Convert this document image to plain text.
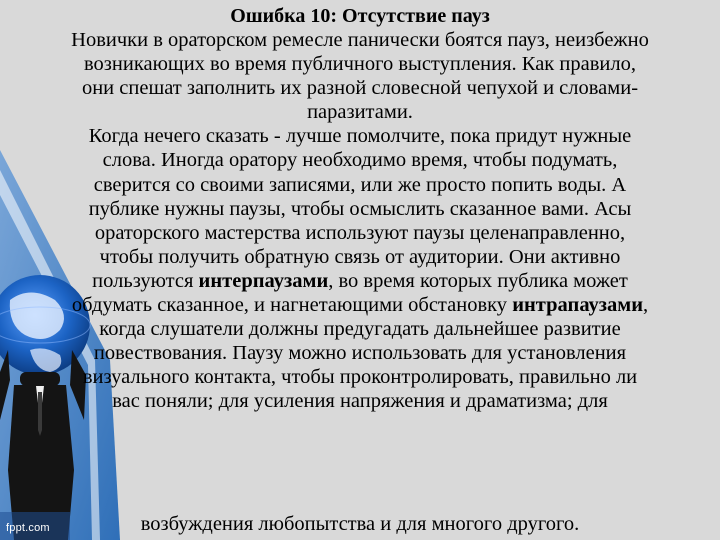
Ошибка 10: Отсутствие пауз
Новички в ораторском ремесле панически боятся пауз, неизбежно
возникающих во время публичного выступления. Как правило,
они спешат заполнить их разной словесной чепухой и словами-
паразитами.
Когда нечего сказать - лучше помолчите, пока придут нужные
слова. Иногда оратору необходимо время, чтобы подумать,
сверится со своими записями, или же просто попить воды. А
публике нужны паузы, чтобы осмыслить сказанное вами. Асы
ораторского мастерства используют паузы целенаправленно,
чтобы получить обратную связь от аудитории. Они активно
пользуются интерпаузами, во время которых публика может
обдумать сказанное, и нагнетающими обстановку интрапаузами,
когда слушатели должны предугадать дальнейшее развитие
повествования. Паузу можно использовать для установления
визуального контакта, чтобы проконтролировать, правильно ли
вас поняли; для усиления напряжения и драматизма; для
возбуждения любопытства и для многого другого.
fppt.com
